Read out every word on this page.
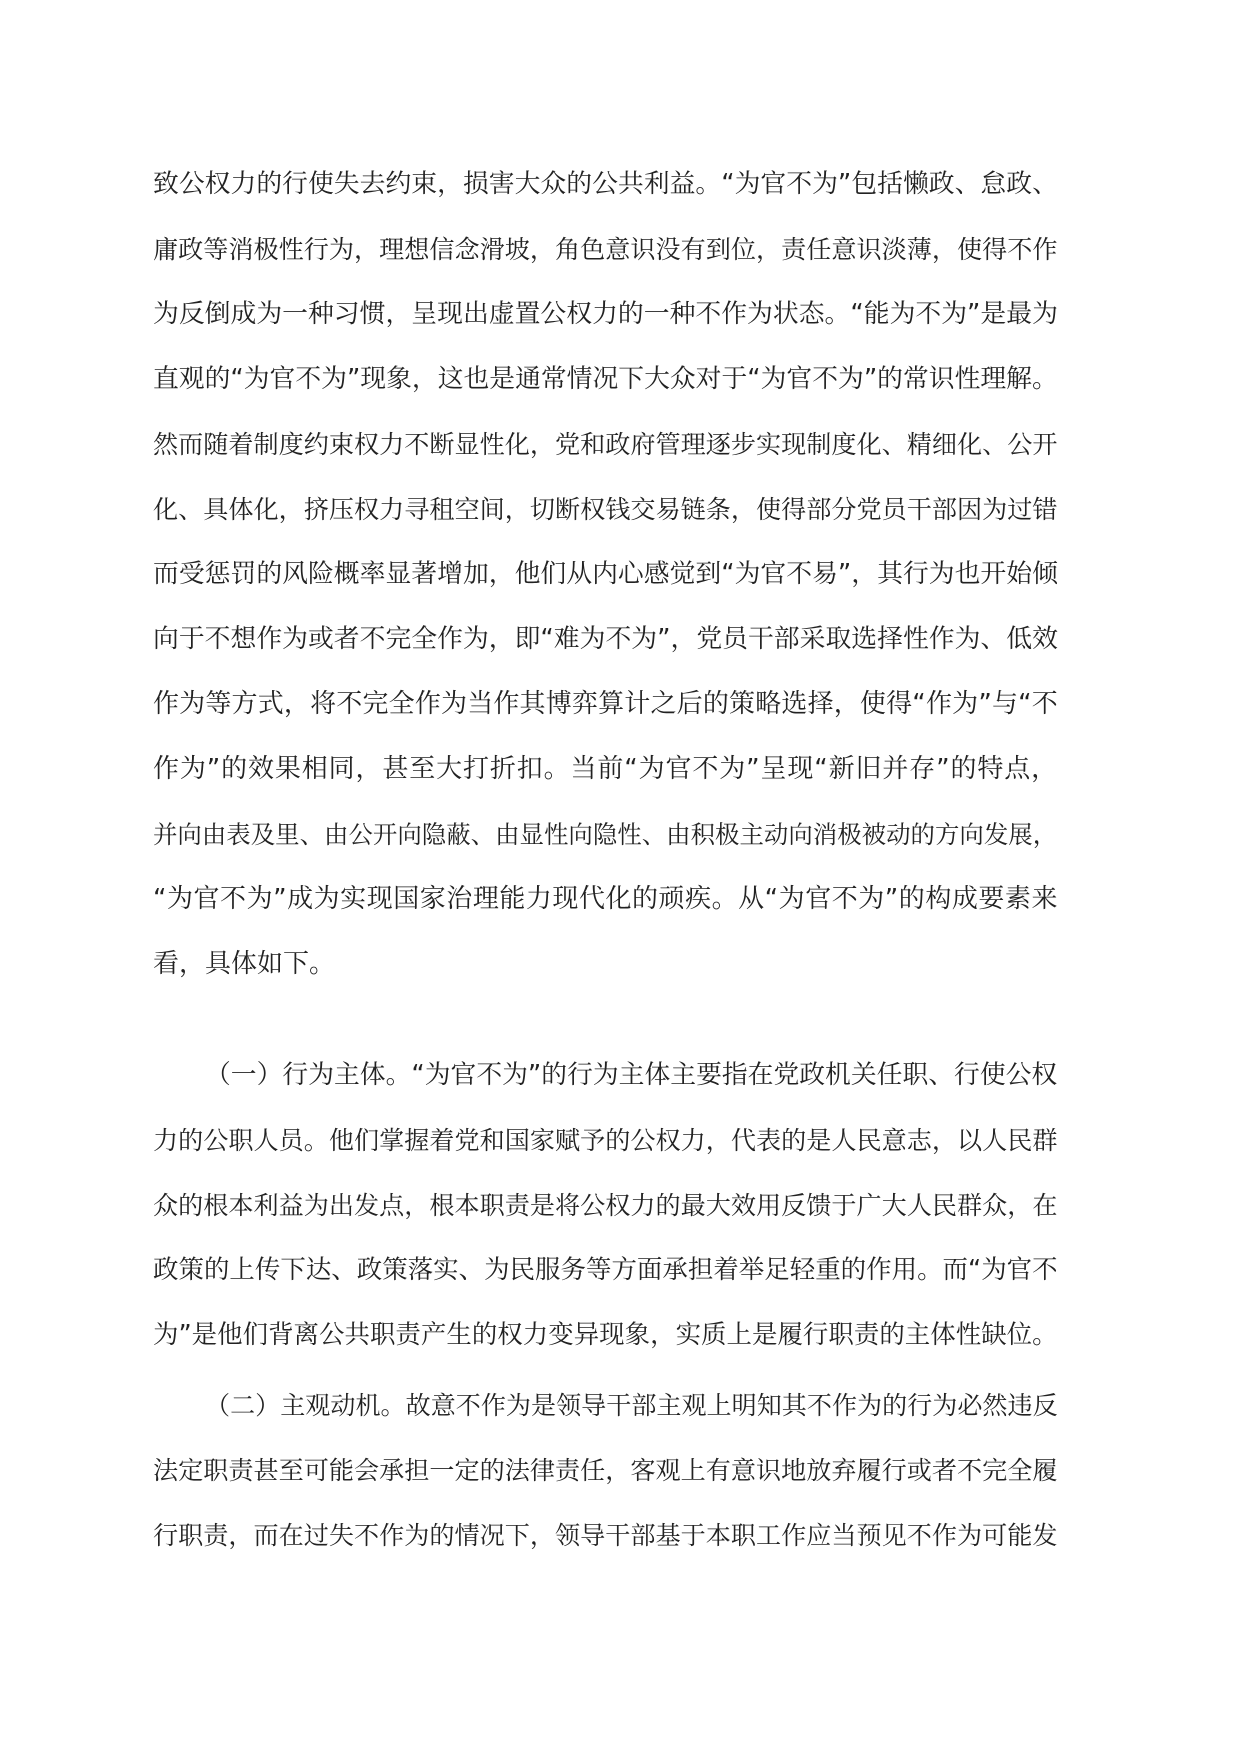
致公权力的行使失去约束，损害大众的公共利益。“为官不为”包括懒政、怠政、
庸政等消极性行为，理想信念滑坡，角色意识没有到位，责任意识淡薄，使得不作
为反倒成为一种习惯，呈现出虚置公权力的一种不作为状态。“能为不为”是最为
直观的“为官不为”现象，这也是通常情况下大众对于“为官不为”的常识性理解。
然而随着制度约束权力不断显性化，党和政府管理逐步实现制度化、精细化、公开
化、具体化，挤压权力寻租空间，切断权钱交易链条，使得部分党员干部因为过错
而受惩罚的风险概率显著增加，他们从内心感觉到“为官不易”，其行为也开始倾
向于不想作为或者不完全作为，即“难为不为”，党员干部采取选择性作为、低效
作为等方式，将不完全作为当作其博弈算计之后的策略选择，使得“作为”与“不
作为”的效果相同，甚至大打折扣。当前“为官不为”呈现“新旧并存”的特点，
并向由表及里、由公开向隐蔽、由显性向隐性、由积极主动向消极被动的方向发展，
“为官不为”成为实现国家治理能力现代化的顽疾。从“为官不为”的构成要素来
看，具体如下。
（一）行为主体。“为官不为”的行为主体主要指在党政机关任职、行使公权
力的公职人员。他们掌握着党和国家赋予的公权力，代表的是人民意志，以人民群
众的根本利益为出发点，根本职责是将公权力的最大效用反馈于广大人民群众，在
政策的上传下达、政策落实、为民服务等方面承担着举足轻重的作用。而“为官不
为”是他们背离公共职责产生的权力变异现象，实质上是履行职责的主体性缺位。
（二）主观动机。故意不作为是领导干部主观上明知其不作为的行为必然违反
法定职责甚至可能会承担一定的法律责任，客观上有意识地放弃履行或者不完全履
行职责，而在过失不作为的情况下，领导干部基于本职工作应当预见不作为可能发
